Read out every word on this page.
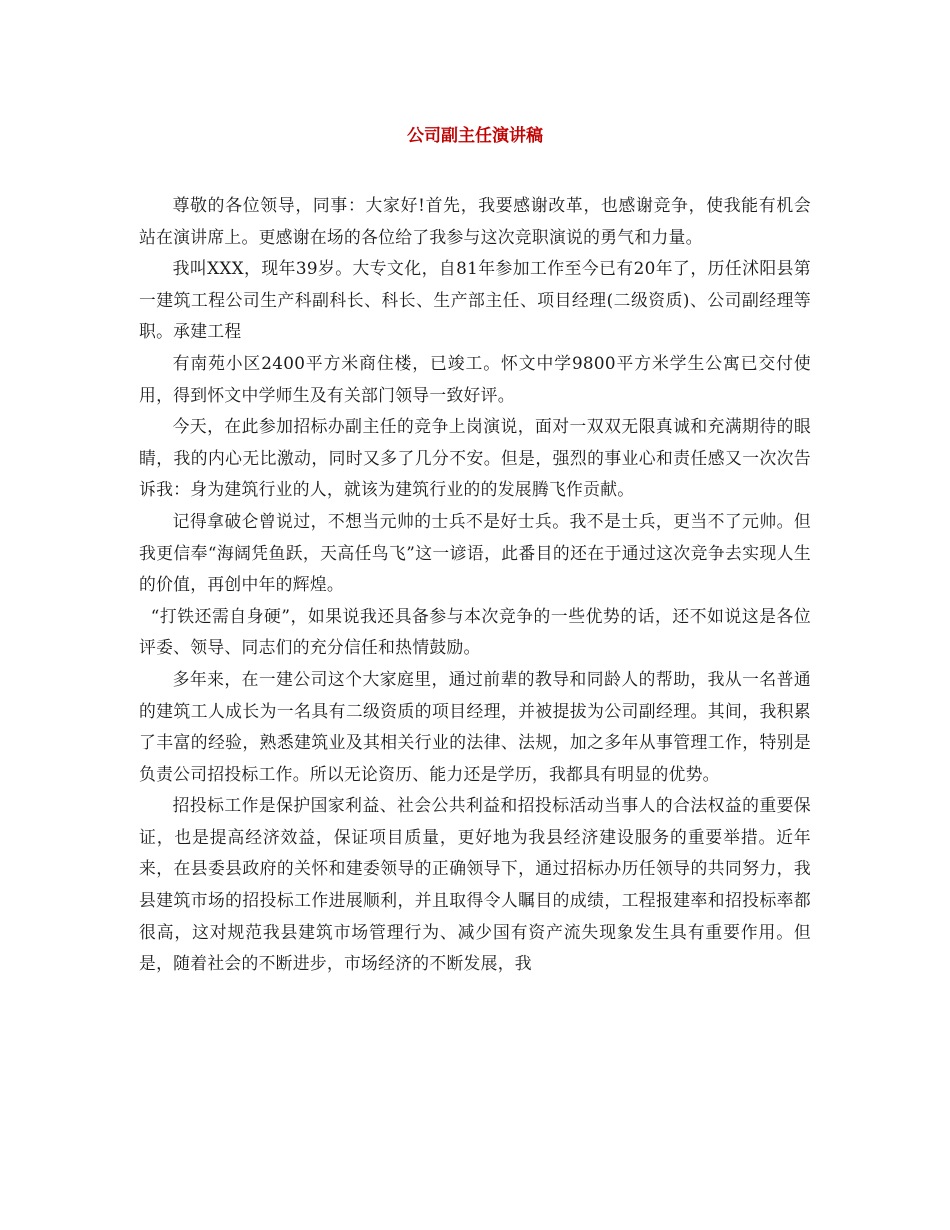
公司副主任演讲稿

尊敬的各位领导，同事：大家好!首先，我要感谢改革，也感谢竞争，使我能有机会站在演讲席上。更感谢在场的各位给了我参与这次竞职演说的勇气和力量。

我叫XXX，现年39岁。大专文化，自81年参加工作至今已有20年了，历任沭阳县第一建筑工程公司生产科副科长、科长、生产部主任、项目经理(二级资质)、公司副经理等职。承建工程

有南苑小区2400平方米商住楼，已竣工。怀文中学9800平方米学生公寓已交付使用，得到怀文中学师生及有关部门领导一致好评。

今天，在此参加招标办副主任的竞争上岗演说，面对一双双无限真诚和充满期待的眼睛，我的内心无比激动，同时又多了几分不安。但是，强烈的事业心和责任感又一次次告诉我：身为建筑行业的人，就该为建筑行业的的发展腾飞作贡献。

记得拿破仑曾说过，不想当元帅的士兵不是好士兵。我不是士兵，更当不了元帅。但我更信奉“海阔凭鱼跃，天高任鸟飞”这一谚语，此番目的还在于通过这次竞争去实现人生的价值，再创中年的辉煌。

“打铁还需自身硬”，如果说我还具备参与本次竞争的一些优势的话，还不如说这是各位评委、领导、同志们的充分信任和热情鼓励。

多年来，在一建公司这个大家庭里，通过前辈的教导和同龄人的帮助，我从一名普通的建筑工人成长为一名具有二级资质的项目经理，并被提拔为公司副经理。其间，我积累了丰富的经验，熟悉建筑业及其相关行业的法律、法规，加之多年从事管理工作，特别是负责公司招投标工作。所以无论资历、能力还是学历，我都具有明显的优势。

招投标工作是保护国家利益、社会公共利益和招投标活动当事人的合法权益的重要保证，也是提高经济效益，保证项目质量，更好地为我县经济建设服务的重要举措。近年来，在县委县政府的关怀和建委领导的正确领导下，通过招标办历任领导的共同努力，我县建筑市场的招投标工作进展顺利，并且取得令人瞩目的成绩，工程报建率和招投标率都很高，这对规范我县建筑市场管理行为、减少国有资产流失现象发生具有重要作用。但是，随着社会的不断进步，市场经济的不断发展，我
